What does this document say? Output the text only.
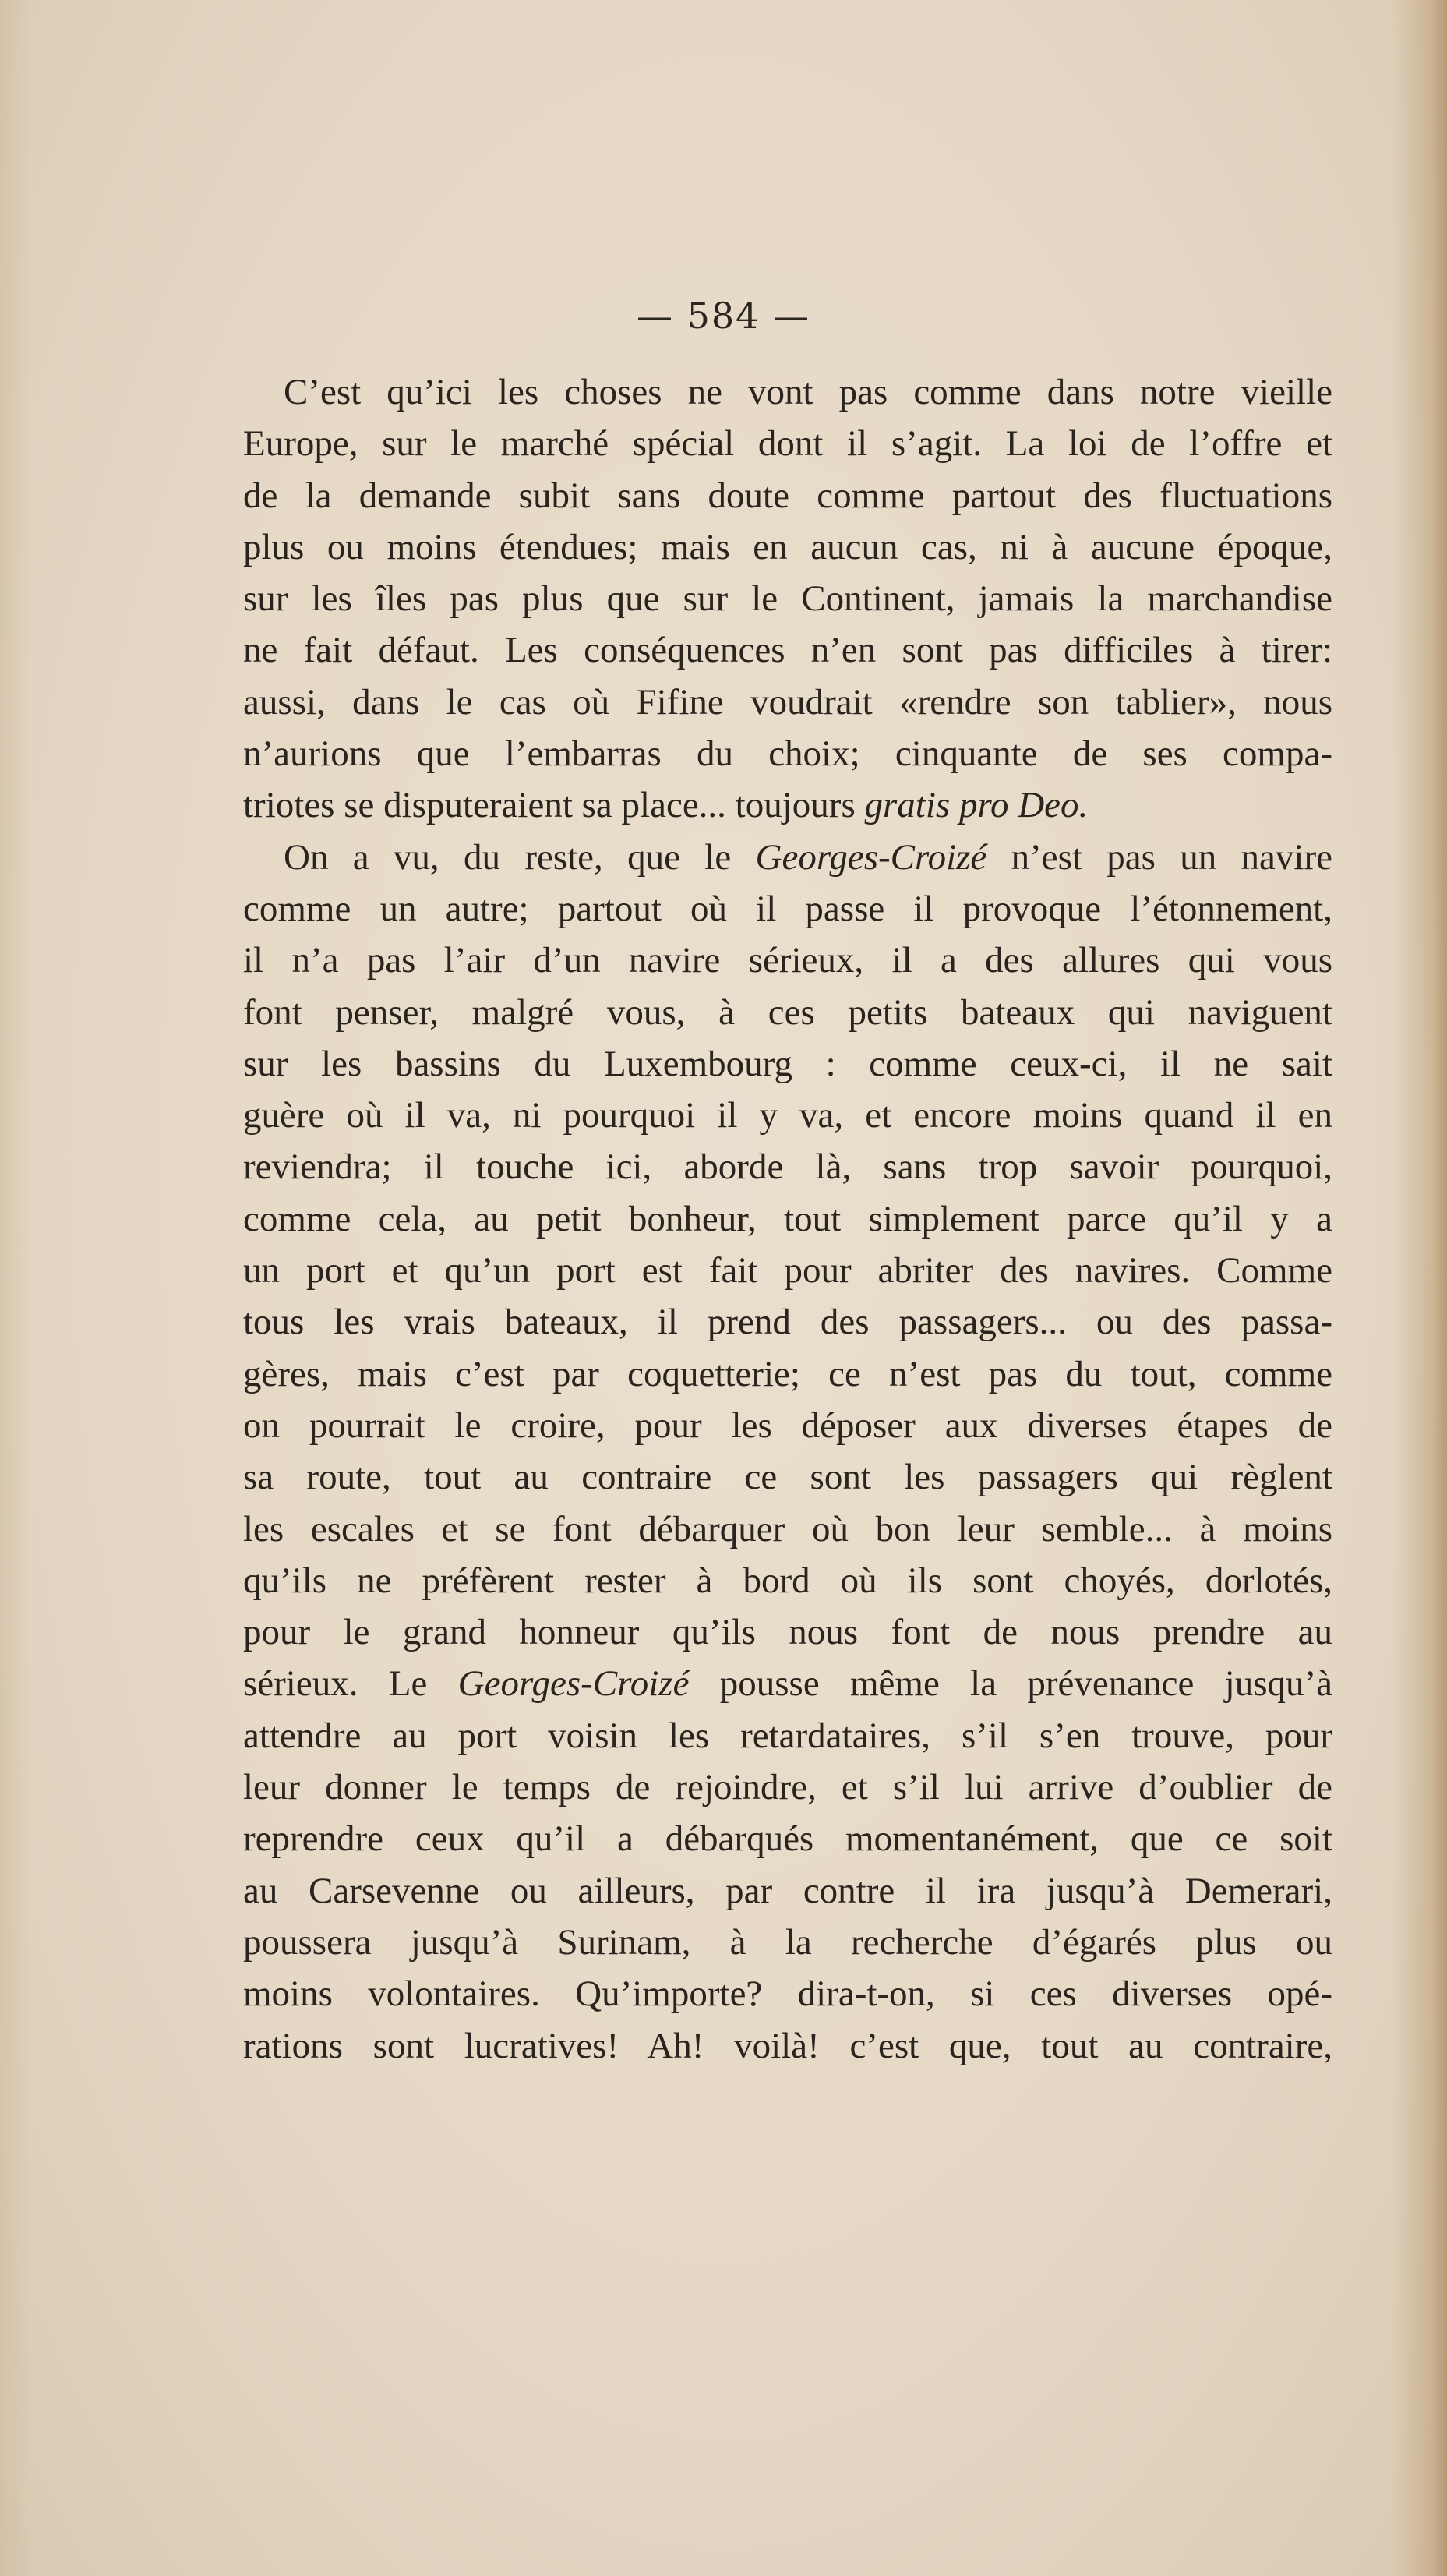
— 584 —
C’est qu’ici les choses ne vont pas comme dans notre vieille
Europe, sur le marché spécial dont il s’agit. La loi de l’offre et
de la demande subit sans doute comme partout des fluctuations
plus ou moins étendues; mais en aucun cas, ni à aucune époque,
sur les îles pas plus que sur le Continent, jamais la marchandise
ne fait défaut. Les conséquences n’en sont pas difficiles à tirer:
aussi, dans le cas où Fifine voudrait «rendre son tablier», nous
n’aurions que l’embarras du choix; cinquante de ses compa-
triotes se disputeraient sa place... toujours gratis pro Deo.
On a vu, du reste, que le Georges-Croizé n’est pas un navire
comme un autre; partout où il passe il provoque l’étonnement,
il n’a pas l’air d’un navire sérieux, il a des allures qui vous
font penser, malgré vous, à ces petits bateaux qui naviguent
sur les bassins du Luxembourg : comme ceux-ci, il ne sait
guère où il va, ni pourquoi il y va, et encore moins quand il en
reviendra; il touche ici, aborde là, sans trop savoir pourquoi,
comme cela, au petit bonheur, tout simplement parce qu’il y a
un port et qu’un port est fait pour abriter des navires. Comme
tous les vrais bateaux, il prend des passagers... ou des passa-
gères, mais c’est par coquetterie; ce n’est pas du tout, comme
on pourrait le croire, pour les déposer aux diverses étapes de
sa route, tout au contraire ce sont les passagers qui règlent
les escales et se font débarquer où bon leur semble... à moins
qu’ils ne préfèrent rester à bord où ils sont choyés, dorlotés,
pour le grand honneur qu’ils nous font de nous prendre au
sérieux. Le Georges-Croizé pousse même la prévenance jusqu’à
attendre au port voisin les retardataires, s’il s’en trouve, pour
leur donner le temps de rejoindre, et s’il lui arrive d’oublier de
reprendre ceux qu’il a débarqués momentanément, que ce soit
au Carsevenne ou ailleurs, par contre il ira jusqu’à Demerari,
poussera jusqu’à Surinam, à la recherche d’égarés plus ou
moins volontaires. Qu’importe? dira-t-on, si ces diverses opé-
rations sont lucratives! Ah! voilà! c’est que, tout au contraire,
